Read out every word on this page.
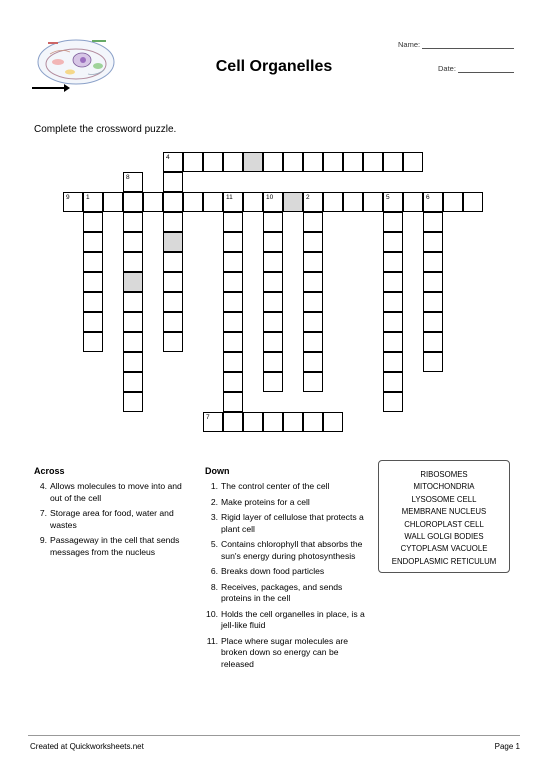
Cell Organelles
Name:
Date:
Complete the crossword puzzle.
4
9	1	11	10	2	5	6
7
8
Across
4. Allows molecules to move into and out of the cell
7. Storage area for food, water and wastes
9. Passageway in the cell that sends messages from the nucleus
Down
1. The control center of the cell
2. Make proteins for a cell
3. Rigid layer of cellulose that protects a plant cell
5. Contains chlorophyll that absorbs the sun's energy during photosynthesis
6. Breaks down food particles
8. Receives, packages, and sends proteins in the cell
10. Holds the cell organelles in place, is a jell-like fluid
11. Place where sugar molecules are broken down so energy can be released
RIBOSOMES
MITOCHONDRIA
LYSOSOME CELL
MEMBRANE NUCLEUS
CHLOROPLAST CELL
WALL GOLGI BODIES
CYTOPLASM VACUOLE
ENDOPLASMIC RETICULUM
Created at Quickworksheets.net	Page 1
